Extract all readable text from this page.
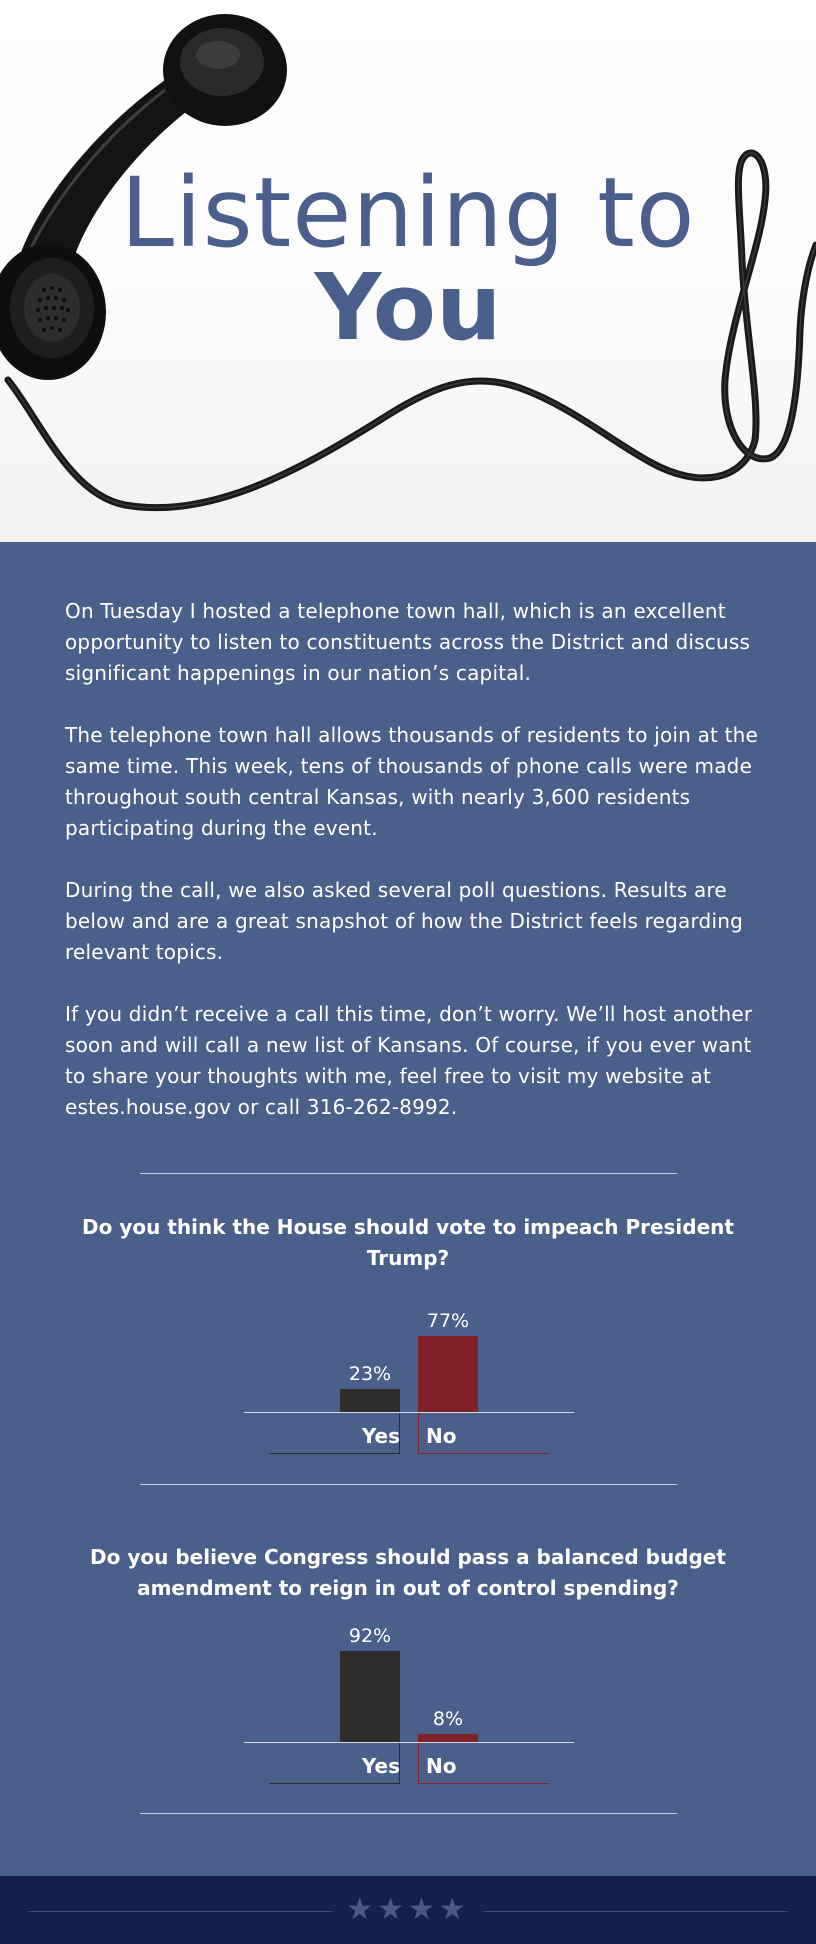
Listening to
You

On Tuesday I hosted a telephone town hall, which is an excellent opportunity to listen to constituents across the District and discuss significant happenings in our nation’s capital.

The telephone town hall allows thousands of residents to join at the same time. This week, tens of thousands of phone calls were made throughout south central Kansas, with nearly 3,600 residents participating during the event.

During the call, we also asked several poll questions. Results are below and are a great snapshot of how the District feels regarding relevant topics.

If you didn’t receive a call this time, don’t worry. We’ll host another soon and will call a new list of Kansans. Of course, if you ever want to share your thoughts with me, feel free to visit my website at estes.house.gov or call 316-262-8992.

Do you think the House should vote to impeach President Trump?

23%
77%
Yes No

Do you believe Congress should pass a balanced budget amendment to reign in out of control spending?

92%
8%
Yes No
★★★★
